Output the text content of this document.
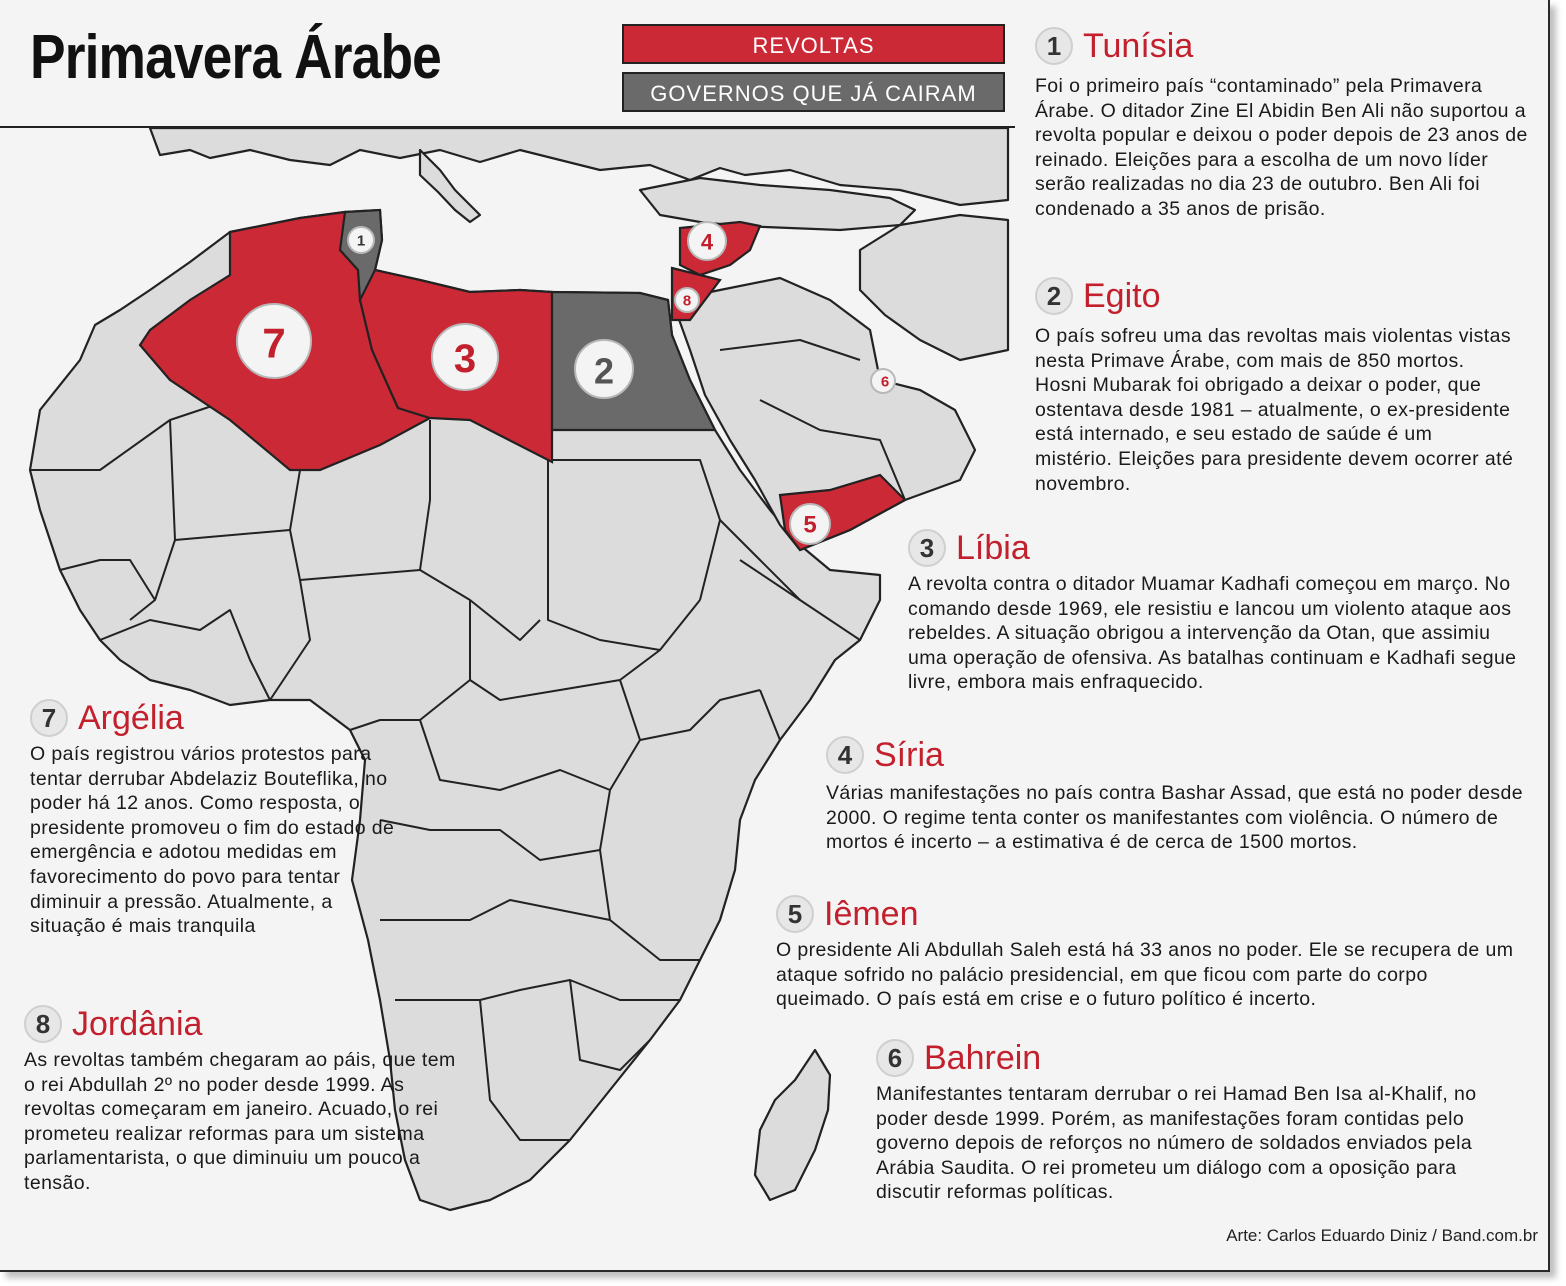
1
7	3	2
4
8
6
5
Primavera Árabe	REVOLTAS
GOVERNOS QUE JÁ CAIRAM
1 Tunísia
Foi o primeiro país “contaminado” pela Primavera Árabe. O ditador Zine El Abidin Ben Ali não suportou a revolta popular e deixou o poder depois de 23 anos de reinado. Eleições para a escolha de um novo líder serão realizadas no dia 23 de outubro. Ben Ali foi condenado a 35 anos de prisão.
2 Egito
O país sofreu uma das revoltas mais violentas vistas nesta Primave Árabe, com mais de 850 mortos. Hosni Mubarak foi obrigado a deixar o poder, que ostentava desde 1981 – atualmente, o ex-presidente está internado, e seu estado de saúde é um mistério. Eleições para presidente devem ocorrer até novembro.
3 Líbia
A revolta contra o ditador Muamar Kadhafi começou em março. No comando desde 1969, ele resistiu e lancou um violento ataque aos rebeldes. A situação obrigou a intervenção da Otan, que assimiu uma operação de ofensiva. As batalhas continuam e Kadhafi segue livre, embora mais enfraquecido.
4 Síria
Várias manifestações no país contra Bashar Assad, que está no poder desde 2000. O regime tenta conter os manifestantes com violência. O número de mortos é incerto – a estimativa é de cerca de 1500 mortos.
5 Iêmen
O presidente Ali Abdullah Saleh está há 33 anos no poder. Ele se recupera de um ataque sofrido no palácio presidencial, em que ficou com parte do corpo queimado. O país está em crise e o futuro político é incerto.
6 Bahrein
Manifestantes tentaram derrubar o rei Hamad Ben Isa al-Khalif, no poder desde 1999. Porém, as manifestações foram contidas pelo governo depois de reforços no número de soldados enviados pela Arábia Saudita. O rei prometeu um diálogo com a oposição para discutir reformas políticas.
7 Argélia
O país registrou vários protestos para tentar derrubar Abdelaziz Bouteflika, no poder há 12 anos. Como resposta, o presidente promoveu o fim do estado de emergência e adotou medidas em favorecimento do povo para tentar diminuir a pressão. Atualmente, a situação é mais tranquila
8 Jordânia
As revoltas também chegaram ao páis, que tem o rei Abdullah 2º no poder desde 1999. As revoltas começaram em janeiro. Acuado, o rei prometeu realizar reformas para um sistema parlamentarista, o que diminuiu um pouco a tensão.
Arte: Carlos Eduardo Diniz / Band.com.br
